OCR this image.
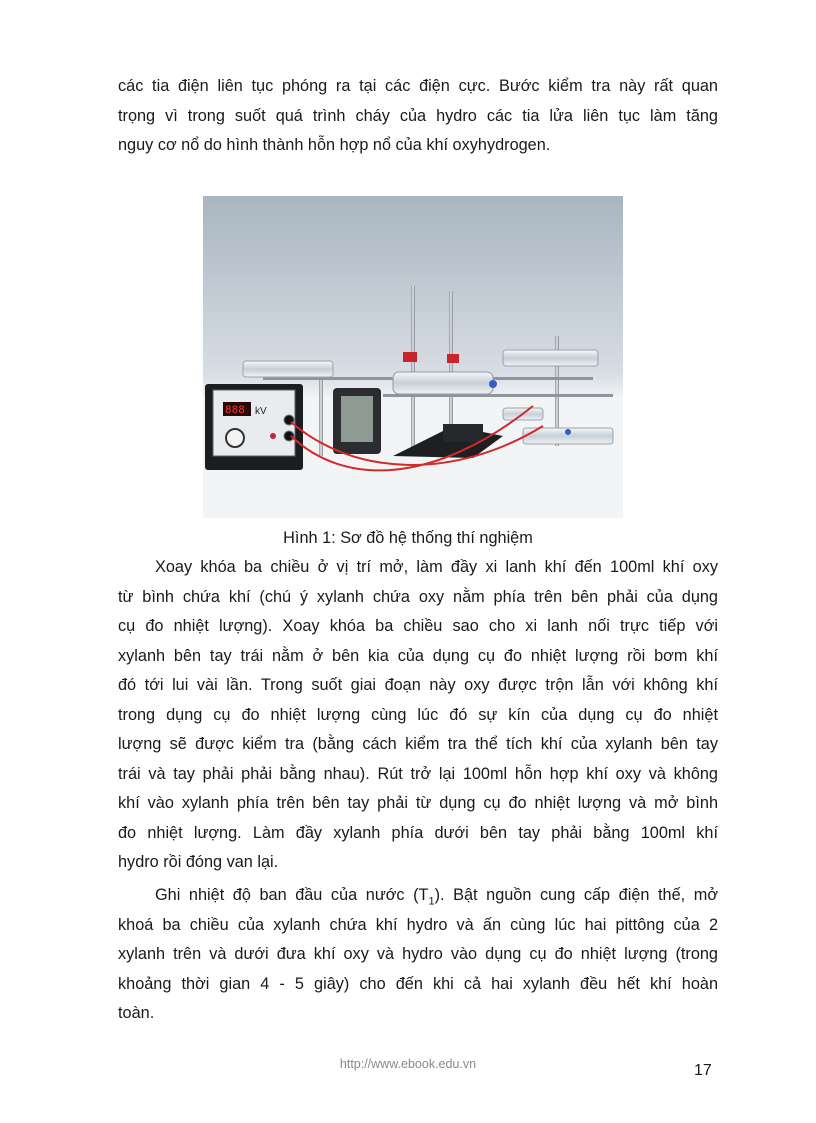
các tia điện liên tục phóng ra tại các điện cực. Bước kiểm tra này rất quan
trọng vì trong suốt quá trình cháy của hydro các tia lửa liên tục làm tăng
nguy cơ nổ do hình thành hỗn hợp nổ của khí oxyhydrogen.
888 kV
Hình 1: Sơ đồ hệ thống thí nghiệm
Xoay khóa ba chiều ở vị trí mở, làm đầy xi lanh khí đến 100ml khí oxy
từ bình chứa khí (chú ý xylanh chứa oxy nằm phía trên bên phải của dụng
cụ đo nhiệt lượng). Xoay khóa ba chiều sao cho xi lanh nối trực tiếp với
xylanh bên tay trái nằm ở bên kia của dụng cụ đo nhiệt lượng rồi bơm khí
đó tới lui vài lần. Trong suốt giai đoạn này oxy được trộn lẫn với không khí
trong dụng cụ đo nhiệt lượng cùng lúc đó sự kín của dụng cụ đo nhiệt
lượng sẽ được kiểm tra (bằng cách kiểm tra thể tích khí của xylanh bên tay
trái và tay phải phải bằng nhau). Rút trở lại 100ml hỗn hợp khí oxy và không
khí vào xylanh phía trên bên tay phải từ dụng cụ đo nhiệt lượng và mở bình
đo nhiệt lượng. Làm đầy xylanh phía dưới bên tay phải bằng 100ml khí
hydro rồi đóng van lại.
Ghi nhiệt độ ban đầu của nước $(T_1)$. Bật nguồn cung cấp điện thế, mở
khoá ba chiều của xylanh chứa khí hydro và ấn cùng lúc hai pittông của 2
xylanh trên và dưới đưa khí oxy và hydro vào dụng cụ đo nhiệt lượng (trong
khoảng thời gian 4 - 5 giây) cho đến khi cả hai xylanh đều hết khí hoàn
toàn.
http://www.ebook.edu.vn	17
